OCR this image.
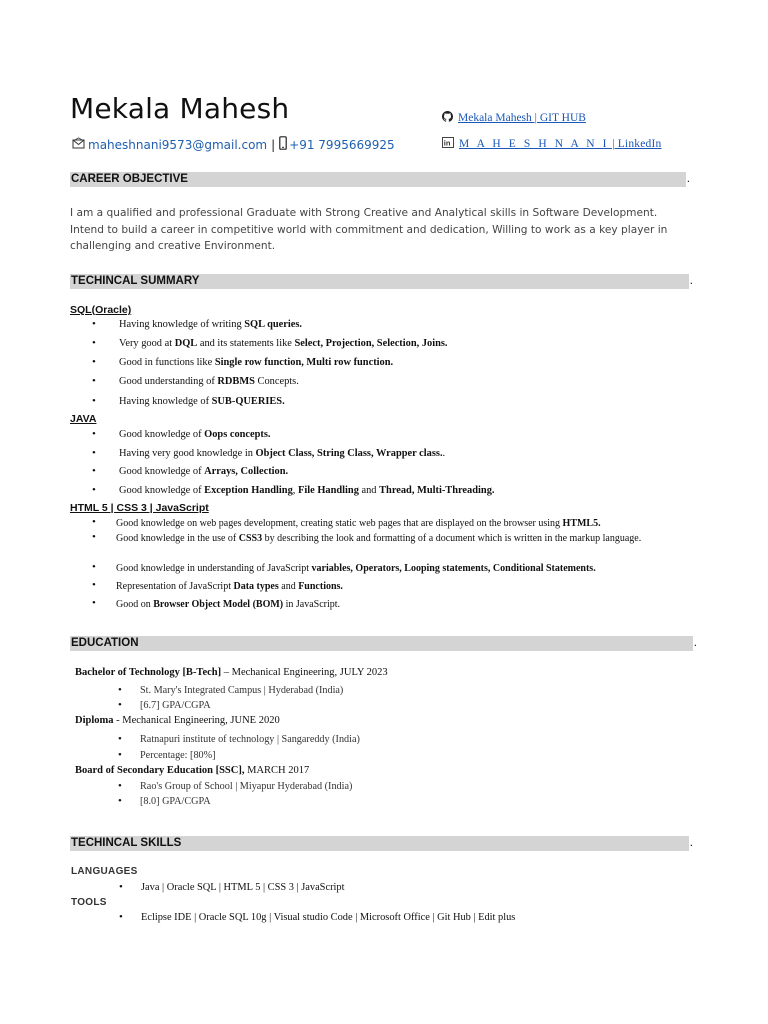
Mekala Mahesh
maheshnani9573@gmail.com | +91 7995669925
Mekala Mahesh | GIT HUB
in M A H E S H N A N I | LinkedIn
CAREER OBJECTIVE	.
I am a qualified and professional Graduate with Strong Creative and Analytical skills in Software Development. Intend to build a career in competitive world with commitment and dedication, Willing to work as a key player in challenging and creative Environment.
TECHINCAL SUMMARY	.
SQL(Oracle)
• Having knowledge of writing SQL queries.
• Very good at DQL and its statements like Select, Projection, Selection, Joins.
• Good in functions like Single row function, Multi row function.
• Good understanding of RDBMS Concepts.
• Having knowledge of SUB-QUERIES.
JAVA
• Good knowledge of Oops concepts.
• Having very good knowledge in Object Class, String Class, Wrapper class..
• Good knowledge of Arrays, Collection.
• Good knowledge of Exception Handling, File Handling and Thread, Multi-Threading.
HTML 5 | CSS 3 | JavaScript
• Good knowledge on web pages development, creating static web pages that are displayed on the browser using HTML5.
• Good knowledge in the use of CSS3 by describing the look and formatting of a document which is written in the markup language.
• Good knowledge in understanding of JavaScript variables, Operators, Looping statements, Conditional Statements.
• Representation of JavaScript Data types and Functions.
• Good on Browser Object Model (BOM) in JavaScript.
EDUCATION	.
Bachelor of Technology [B-Tech] – Mechanical Engineering, JULY 2023
• St. Mary's Integrated Campus | Hyderabad (India)
• [6.7] GPA/CGPA
Diploma - Mechanical Engineering, JUNE 2020
• Ratnapuri institute of technology | Sangareddy (India)
• Percentage: [80%]
Board of Secondary Education [SSC], MARCH 2017
• Rao's Group of School | Miyapur Hyderabad (India)
• [8.0] GPA/CGPA
TECHINCAL SKILLS	.
LANGUAGES
• Java | Oracle SQL | HTML 5 | CSS 3 | JavaScript
TOOLS
• Eclipse IDE | Oracle SQL 10g | Visual studio Code | Microsoft Office | Git Hub | Edit plus
